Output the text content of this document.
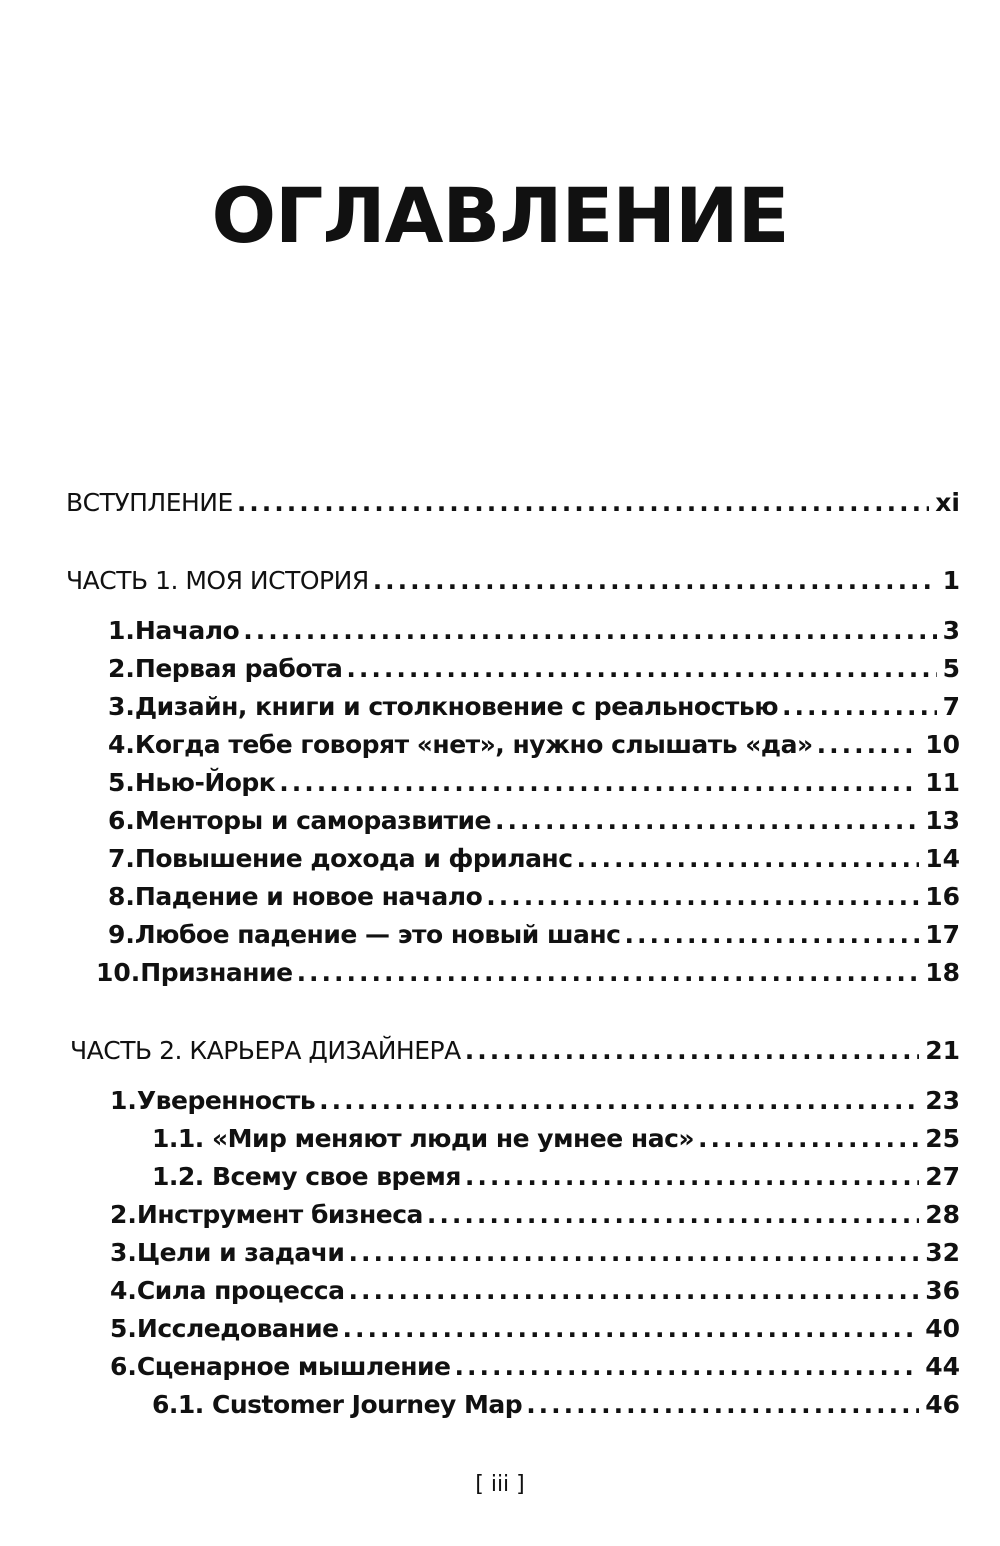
ОГЛАВЛЕНИЕ
ВСТУПЛЕНИЕ .....	xi
ЧАСТЬ 1. МОЯ ИСТОРИЯ .....	1
1. Начало .....	3
2. Первая работа .....	5
3. Дизайн, книги и столкновение с реальностью .....	7
4. Когда тебе говорят «нет», нужно слышать «да» .....	10
5. Нью-Йорк .....	11
6. Менторы и саморазвитие .....	13
7. Повышение дохода и фриланс .....	14
8. Падение и новое начало .....	16
9. Любое падение — это новый шанс .....	17
10. Признание .....	18
ЧАСТЬ 2. КАРЬЕРА ДИЗАЙНЕРА .....	21
1. Уверенность .....	23
1.1. «Мир меняют люди не умнее нас» .....	25
1.2. Всему свое время .....	27
2. Инструмент бизнеса .....	28
3. Цели и задачи .....	32
4. Сила процесса .....	36
5. Исследование .....	40
6. Сценарное мышление .....	44
6.1. Customer Journey Map .....	46
[ iii ]
